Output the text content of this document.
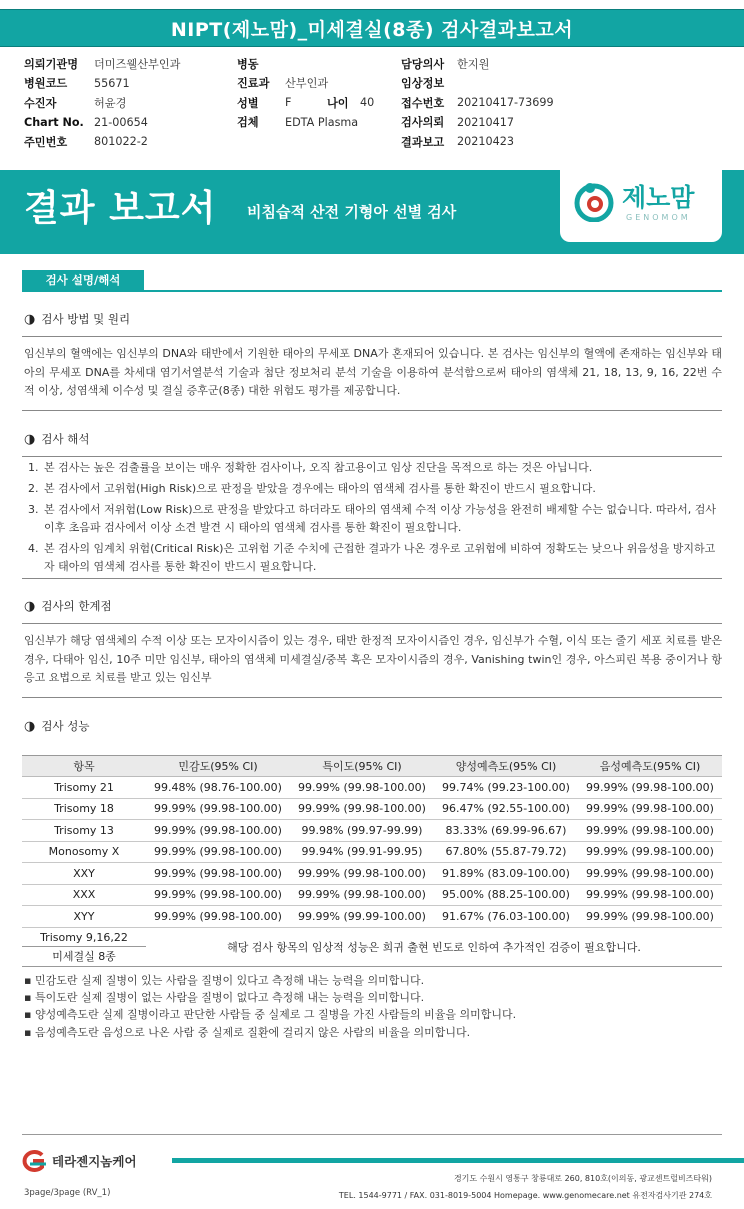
NIPT(제노맘)_미세결실(8종) 검사결과보고서
의뢰기관명	더미즈웰산부인과
병원코드	55671
수진자	허윤경
Chart No. 21-00654
주민번호	801022-2
병동
진료과	산부인과
성별	F	나이	40
검체	EDTA Plasma
담당의사	한지원
임상정보
접수번호	20210417-73699
검사의뢰	20210417
결과보고	20210423
결과 보고서 비침습적 산전 기형아 선별 검사	제노맘
GENOMOM
검사 설명/해석
◑ 검사 방법 및 원리
임신부의 혈액에는 임신부의 DNA와 태반에서 기원한 태아의 무세포 DNA가 혼재되어 있습니다. 본 검사는 임신부의 혈액에 존재하는 임신부와 태아의 무세포 DNA를 차세대 염기서열분석 기술과 첨단 정보처리 분석 기술을 이용하여 분석함으로써 태아의 염색체 21, 18, 13, 9, 16, 22번 수적 이상, 성염색체 이수성 및 결실 증후군(8종) 대한 위험도 평가를 제공합니다.
◑ 검사 해석
1. 본 검사는 높은 검출률을 보이는 매우 정확한 검사이나, 오직 참고용이고 임상 진단을 목적으로 하는 것은 아닙니다.
2. 본 검사에서 고위험(High Risk)으로 판정을 받았을 경우에는 태아의 염색체 검사를 통한 확진이 반드시 필요합니다.
3. 본 검사에서 저위험(Low Risk)으로 판정을 받았다고 하더라도 태아의 염색체 수적 이상 가능성을 완전히 배제할 수는 없습니다. 따라서, 검사 이후 초음파 검사에서 이상 소견 발견 시 태아의 염색체 검사를 통한 확진이 필요합니다.
4. 본 검사의 임계치 위험(Critical Risk)은 고위험 기준 수치에 근접한 결과가 나온 경우로 고위험에 비하여 정확도는 낮으나 위음성을 방지하고자 태아의 염색체 검사를 통한 확진이 반드시 필요합니다.
◑ 검사의 한계점
임신부가 해당 염색체의 수적 이상 또는 모자이시즘이 있는 경우, 태반 한정적 모자이시즘인 경우, 임신부가 수혈, 이식 또는 줄기 세포 치료를 받은 경우, 다태아 임신, 10주 미만 임신부, 태아의 염색체 미세결실/중복 혹은 모자이시즘의 경우, Vanishing twin인 경우, 아스피린 복용 중이거나 항 응고 요법으로 치료를 받고 있는 임신부
◑ 검사 성능
항목	민감도(95% CI)	특이도(95% CI)	양성예측도(95% CI)	음성예측도(95% CI)
Trisomy 21	99.48% (98.76-100.00)	99.99% (99.98-100.00)	99.74% (99.23-100.00)	99.99% (99.98-100.00)
Trisomy 18	99.99% (99.98-100.00)	99.99% (99.98-100.00)	96.47% (92.55-100.00)	99.99% (99.98-100.00)
Trisomy 13	99.99% (99.98-100.00)	99.98% (99.97-99.99)	83.33% (69.99-96.67)	99.99% (99.98-100.00)
Monosomy X	99.99% (99.98-100.00)	99.94% (99.91-99.95)	67.80% (55.87-79.72)	99.99% (99.98-100.00)
XXY	99.99% (99.98-100.00)	99.99% (99.98-100.00)	91.89% (83.09-100.00)	99.99% (99.98-100.00)
XXX	99.99% (99.98-100.00)	99.99% (99.98-100.00)	95.00% (88.25-100.00)	99.99% (99.98-100.00)
XYY	99.99% (99.98-100.00)	99.99% (99.99-100.00)	91.67% (76.03-100.00)	99.99% (99.98-100.00)
Trisomy 9,16,22
미세결실 8종
해당 검사 항목의 임상적 성능은 희귀 출현 빈도로 인하여 추가적인 검증이 필요합니다.
▪ 민감도란 실제 질병이 있는 사람을 질병이 있다고 측정해 내는 능력을 의미합니다.
▪ 특이도란 실제 질병이 없는 사람을 질병이 없다고 측정해 내는 능력을 의미합니다.
▪ 양성예측도란 실제 질병이라고 판단한 사람들 중 실제로 그 질병을 가진 사람들의 비율을 의미합니다.
▪ 음성예측도란 음성으로 나온 사람 중 실제로 질환에 걸리지 않은 사람의 비율을 의미합니다.
테라젠지놈케어
경기도 수원시 영통구 창룡대로 260, 810호(이의동, 광교센트럴비즈타워)
TEL. 1544-9771 / FAX. 031-8019-5004 Homepage. www.genomecare.net 유전자검사기관 274호
3page/3page (RV_1)
